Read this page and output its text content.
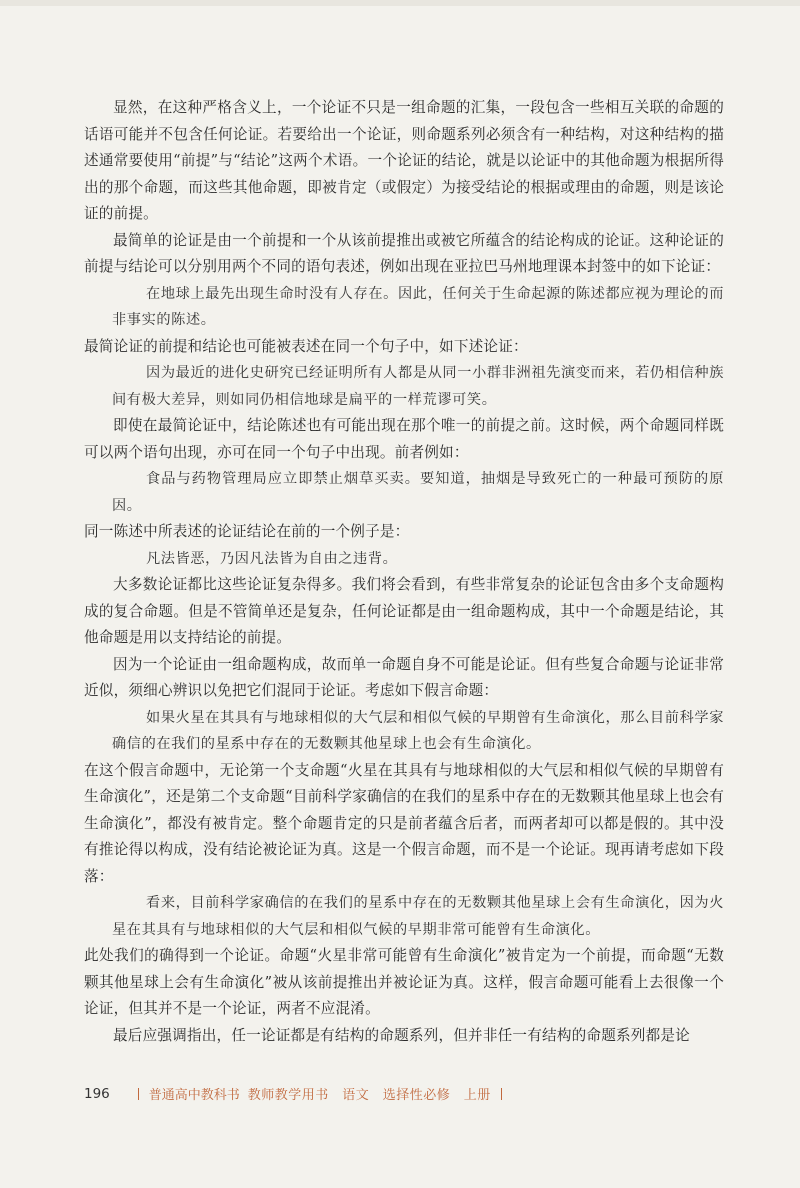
显然，在这种严格含义上，一个论证不只是一组命题的汇集，一段包含一些相互关联的命题的话语可能并不包含任何论证。若要给出一个论证，则命题系列必须含有一种结构，对这种结构的描述通常要使用“前提”与“结论”这两个术语。一个论证的结论，就是以论证中的其他命题为根据所得出的那个命题，而这些其他命题，即被肯定（或假定）为接受结论的根据或理由的命题，则是该论证的前提。

最简单的论证是由一个前提和一个从该前提推出或被它所蕴含的结论构成的论证。这种论证的前提与结论可以分别用两个不同的语句表述，例如出现在亚拉巴马州地理课本封签中的如下论证：

在地球上最先出现生命时没有人存在。因此，任何关于生命起源的陈述都应视为理论的而非事实的陈述。

最简论证的前提和结论也可能被表述在同一个句子中，如下述论证：

因为最近的进化史研究已经证明所有人都是从同一小群非洲祖先演变而来，若仍相信种族间有极大差异，则如同仍相信地球是扁平的一样荒谬可笑。

即使在最简论证中，结论陈述也有可能出现在那个唯一的前提之前。这时候，两个命题同样既可以两个语句出现，亦可在同一个句子中出现。前者例如：

食品与药物管理局应立即禁止烟草买卖。要知道，抽烟是导致死亡的一种最可预防的原因。

同一陈述中所表述的论证结论在前的一个例子是：

凡法皆恶，乃因凡法皆为自由之违背。

大多数论证都比这些论证复杂得多。我们将会看到，有些非常复杂的论证包含由多个支命题构成的复合命题。但是不管简单还是复杂，任何论证都是由一组命题构成，其中一个命题是结论，其他命题是用以支持结论的前提。

因为一个论证由一组命题构成，故而单一命题自身不可能是论证。但有些复合命题与论证非常近似，须细心辨识以免把它们混同于论证。考虑如下假言命题：

如果火星在其具有与地球相似的大气层和相似气候的早期曾有生命演化，那么目前科学家确信的在我们的星系中存在的无数颗其他星球上也会有生命演化。

在这个假言命题中，无论第一个支命题“火星在其具有与地球相似的大气层和相似气候的早期曾有生命演化”，还是第二个支命题“目前科学家确信的在我们的星系中存在的无数颗其他星球上也会有生命演化”，都没有被肯定。整个命题肯定的只是前者蕴含后者，而两者却可以都是假的。其中没有推论得以构成，没有结论被论证为真。这是一个假言命题，而不是一个论证。现再请考虑如下段落：

看来，目前科学家确信的在我们的星系中存在的无数颗其他星球上会有生命演化，因为火星在其具有与地球相似的大气层和相似气候的早期非常可能曾有生命演化。

此处我们的确得到一个论证。命题“火星非常可能曾有生命演化”被肯定为一个前提，而命题“无数颗其他星球上会有生命演化”被从该前提推出并被论证为真。这样，假言命题可能看上去很像一个论证，但其并不是一个论证，两者不应混淆。

最后应强调指出，任一论证都是有结构的命题系列，但并非任一有结构的命题系列都是论

196	普通高中教科书 教师教学用书　语文　选择性必修　上册
